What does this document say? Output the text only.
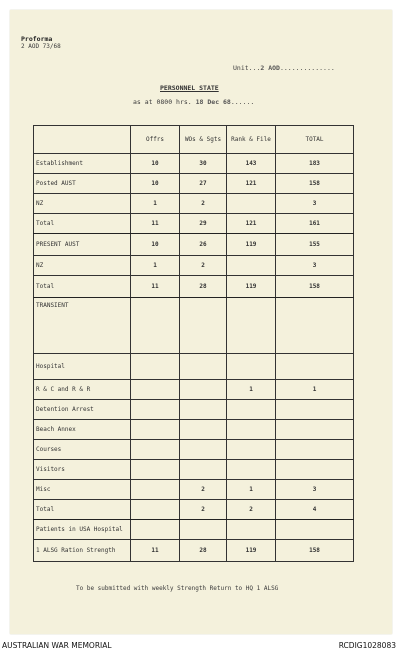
Proforma
2 AOD 73/68
Unit...2 AOD..............
PERSONNEL STATE
as at 0800 hrs. 18 Dec 68......
	Offrs	WOs & Sgts	Rank & File	TOTAL
Establishment	10	30	143	183
Posted AUST	10	27	121	158
NZ	1	2		3
Total	11	29	121	161
PRESENT AUST	10	26	119	155
NZ	1	2		3
Total	11	28	119	158
TRANSIENT				
Hospital				
R & C and R & R			1	1
Detention Arrest				
Beach Annex				
Courses				
Visitors				
Misc		2	1	3
Total		2	2	4
Patients in USA Hospital				
1 ALSG Ration Strength	11	28	119	158
To be submitted with weekly Strength Return to HQ 1 ALSG
AUSTRALIAN WAR MEMORIAL	RCDIG1028083
